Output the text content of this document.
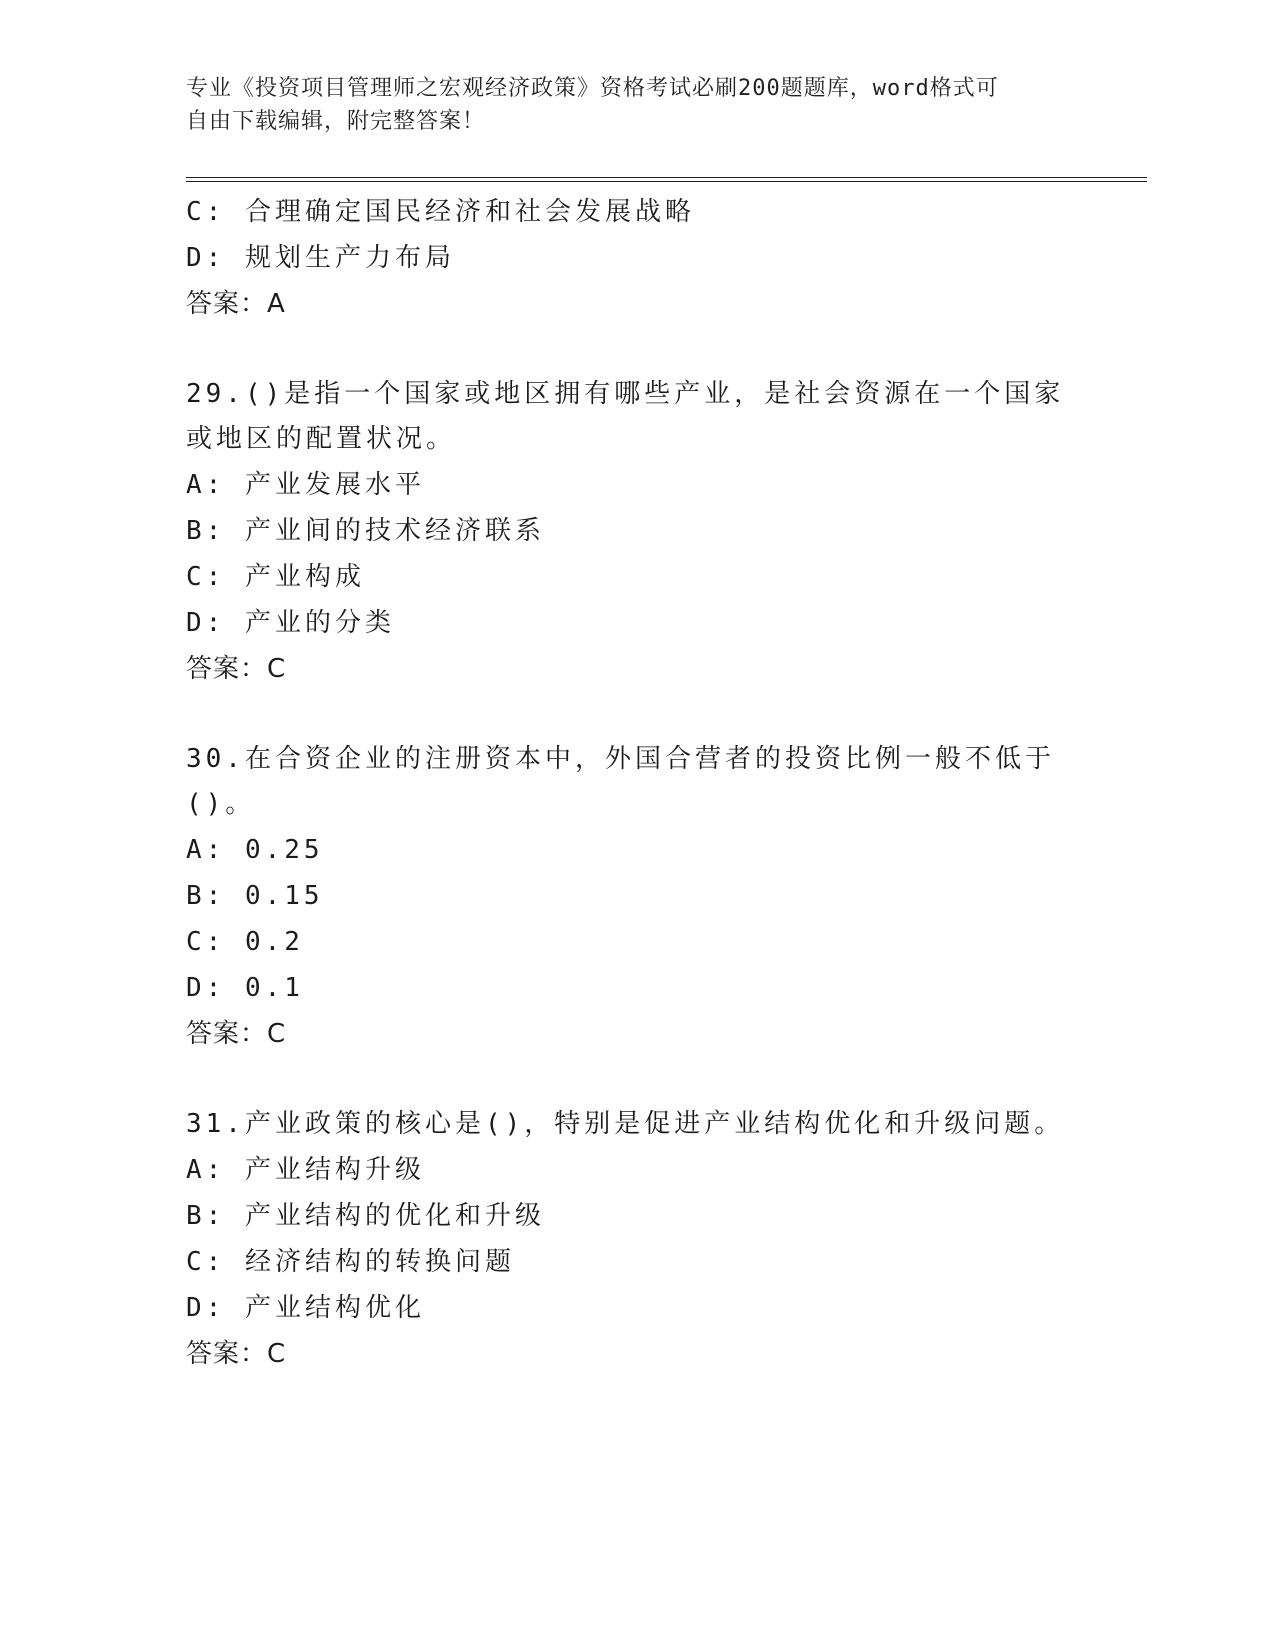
专业《投资项目管理师之宏观经济政策》资格考试必刷200题题库，word格式可
自由下载编辑，附完整答案！
C: 合理确定国民经济和社会发展战略
D: 规划生产力布局
答案：A
29.()是指一个国家或地区拥有哪些产业，是社会资源在一个国家或地区的配置状况。
A: 产业发展水平
B: 产业间的技术经济联系
C: 产业构成
D: 产业的分类
答案：C
30.在合资企业的注册资本中，外国合营者的投资比例一般不低于()。
A: 0.25
B: 0.15
C: 0.2
D: 0.1
答案：C
31.产业政策的核心是()，特别是促进产业结构优化和升级问题。
A: 产业结构升级
B: 产业结构的优化和升级
C: 经济结构的转换问题
D: 产业结构优化
答案：C
